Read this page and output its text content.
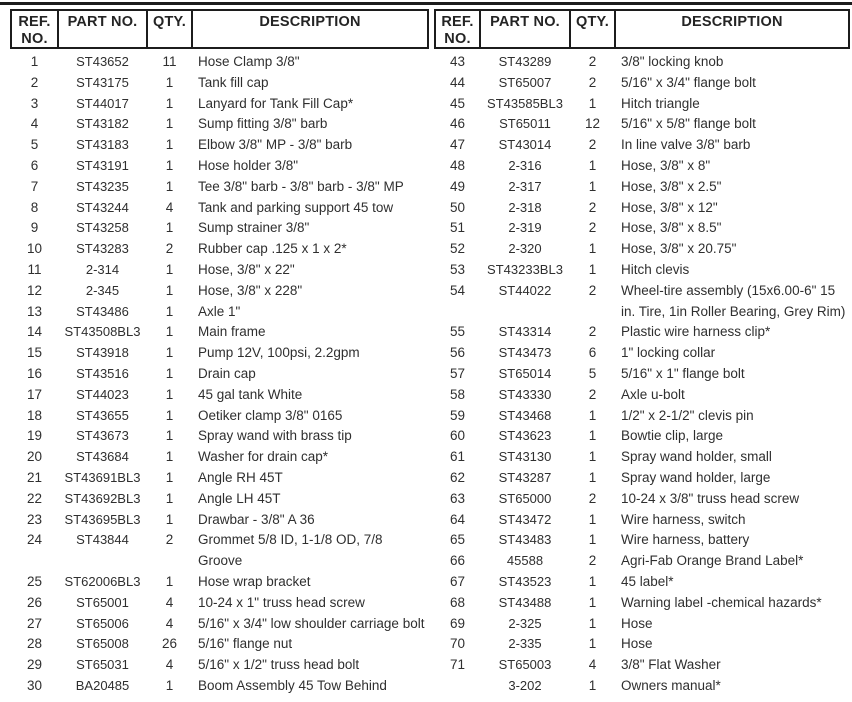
REF. NO.	PART NO.	QTY.	DESCRIPTION
1	ST43652	11	Hose Clamp 3/8"
2	ST43175	1	Tank fill cap
3	ST44017	1	Lanyard for Tank Fill Cap*
4	ST43182	1	Sump fitting 3/8" barb
5	ST43183	1	Elbow 3/8" MP - 3/8" barb
6	ST43191	1	Hose holder 3/8"
7	ST43235	1	Tee 3/8" barb - 3/8" barb - 3/8" MP
8	ST43244	4	Tank and parking support 45 tow
9	ST43258	1	Sump strainer 3/8"
10	ST43283	2	Rubber cap .125 x 1 x 2*
11	2-314	1	Hose, 3/8" x 22"
12	2-345	1	Hose, 3/8" x 228"
13	ST43486	1	Axle 1"
14	ST43508BL3	1	Main frame
15	ST43918	1	Pump 12V, 100psi, 2.2gpm
16	ST43516	1	Drain cap
17	ST44023	1	45 gal tank White
18	ST43655	1	Oetiker clamp 3/8" 0165
19	ST43673	1	Spray wand with brass tip
20	ST43684	1	Washer for drain cap*
21	ST43691BL3	1	Angle RH 45T
22	ST43692BL3	1	Angle LH 45T
23	ST43695BL3	1	Drawbar - 3/8" A 36
24	ST43844	2	Grommet 5/8 ID, 1-1/8 OD, 7/8 Groove
25	ST62006BL3	1	Hose wrap bracket
26	ST65001	4	10-24 x 1" truss head screw
27	ST65006	4	5/16" x 3/4" low shoulder carriage bolt
28	ST65008	26	5/16" flange nut
29	ST65031	4	5/16" x 1/2" truss head bolt
30	BA20485	1	Boom Assembly 45 Tow Behind
REF. NO.	PART NO.	QTY.	DESCRIPTION
43	ST43289	2	3/8" locking knob
44	ST65007	2	5/16" x 3/4" flange bolt
45	ST43585BL3	1	Hitch triangle
46	ST65011	12	5/16" x 5/8" flange bolt
47	ST43014	2	In line valve 3/8" barb
48	2-316	1	Hose, 3/8" x 8"
49	2-317	1	Hose, 3/8" x 2.5"
50	2-318	2	Hose, 3/8" x 12"
51	2-319	2	Hose, 3/8" x 8.5"
52	2-320	1	Hose, 3/8" x 20.75"
53	ST43233BL3	1	Hitch clevis
54	ST44022	2	Wheel-tire assembly (15x6.00-6" 15 in. Tire, 1in Roller Bearing, Grey Rim)
55	ST43314	2	Plastic wire harness clip*
56	ST43473	6	1" locking collar
57	ST65014	5	5/16" x 1" flange bolt
58	ST43330	2	Axle u-bolt
59	ST43468	1	1/2" x 2-1/2" clevis pin
60	ST43623	1	Bowtie clip, large
61	ST43130	1	Spray wand holder, small
62	ST43287	1	Spray wand holder, large
63	ST65000	2	10-24 x 3/8" truss head screw
64	ST43472	1	Wire harness, switch
65	ST43483	1	Wire harness, battery
66	45588	2	Agri-Fab Orange Brand Label*
67	ST43523	1	45 label*
68	ST43488	1	Warning label -chemical hazards*
69	2-325	1	Hose
70	2-335	1	Hose
71	ST65003	4	3/8" Flat Washer
	3-202	1	Owners manual*
